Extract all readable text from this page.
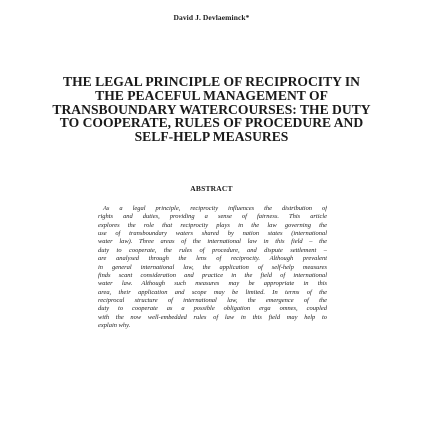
David J. Devlaeminck*
THE LEGAL PRINCIPLE OF RECIPROCITY IN
THE PEACEFUL MANAGEMENT OF
TRANSBOUNDARY WATERCOURSES: THE DUTY
TO COOPERATE, RULES OF PROCEDURE AND
SELF-HELP MEASURES
ABSTRACT
As a legal principle, reciprocity influences the distribution of
rights and duties, providing a sense of fairness. This article
explores the role that reciprocity plays in the law governing the
use of transboundary waters shared by nation states (international
water law). Three areas of the international law in this field – the
duty to cooperate, the rules of procedure, and dispute settlement –
are analysed through the lens of reciprocity. Although prevalent
in general international law, the application of self-help measures
finds scant consideration and practice in the field of international
water law. Although such measures may be appropriate in this
area, their application and scope may be limited. In terms of the
reciprocal structure of international law, the emergence of the
duty to cooperate as a possible obligation erga omnes, coupled
with the now well-embedded rules of law in this field may help to
explain why.
